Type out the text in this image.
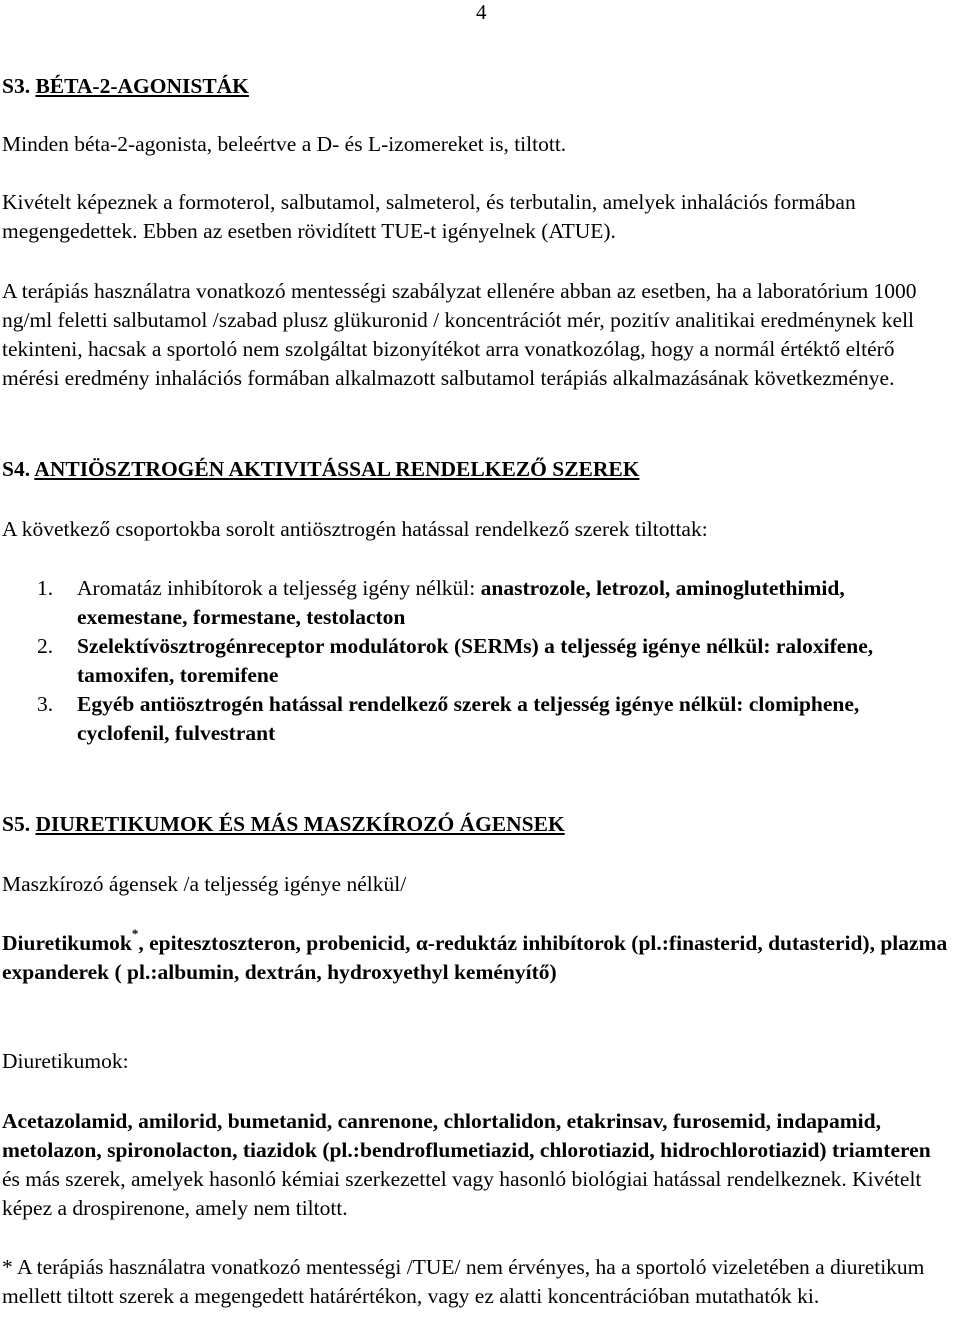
4
S3. BÉTA-2-AGONISTÁK

Minden béta-2-agonista, beleértve a D- és L-izomereket is, tiltott.

Kivételt képeznek a formoterol, salbutamol, salmeterol, és terbutalin, amelyek inhalációs formában megengedettek. Ebben az esetben rövidített TUE-t igényelnek (ATUE).

A terápiás használatra vonatkozó mentességi szabályzat ellenére abban az esetben, ha a laboratórium 1000 ng/ml feletti salbutamol /szabad plusz glükuronid / koncentrációt mér, pozitív analitikai eredménynek kell tekinteni, hacsak a sportoló nem szolgáltat bizonyítékot arra vonatkozólag, hogy a normál értéktő eltérő mérési eredmény inhalációs formában alkalmazott salbutamol terápiás alkalmazásának következménye.

S4. ANTIÖSZTROGÉN AKTIVITÁSSAL RENDELKEZŐ SZEREK

A következő csoportokba sorolt antiösztrogén hatással rendelkező szerek tiltottak:

1. Aromatáz inhibítorok a teljesség igény nélkül: anastrozole, letrozol, aminoglutethimid, exemestane, formestane, testolacton
2. Szelektívösztrogénreceptor modulátorok (SERMs) a teljesség igénye nélkül: raloxifene, tamoxifen, toremifene
3. Egyéb antiösztrogén hatással rendelkező szerek a teljesség igénye nélkül: clomiphene, cyclofenil, fulvestrant
S5. DIURETIKUMOK ÉS MÁS MASZKÍROZÓ ÁGENSEK

Maszkírozó ágensek /a teljesség igénye nélkül/

Diuretikumok*, epitesztoszteron, probenicid, α-reduktáz inhibítorok (pl.:finasterid, dutasterid), plazma expanderek ( pl.:albumin, dextrán, hydroxyethyl keményítő)

Diuretikumok:

Acetazolamid, amilorid, bumetanid, canrenone, chlortalidon, etakrinsav, furosemid, indapamid, metolazon, spironolacton, tiazidok (pl.:bendroflumetiazid, chlorotiazid, hidrochlorotiazid) triamteren és más szerek, amelyek hasonló kémiai szerkezettel vagy hasonló biológiai hatással rendelkeznek. Kivételt képez a drospirenone, amely nem tiltott.

* A terápiás használatra vonatkozó mentességi /TUE/ nem érvényes, ha a sportoló vizeletében a diuretikum mellett tiltott szerek a megengedett határértékon, vagy ez alatti koncentrációban mutathatók ki.
